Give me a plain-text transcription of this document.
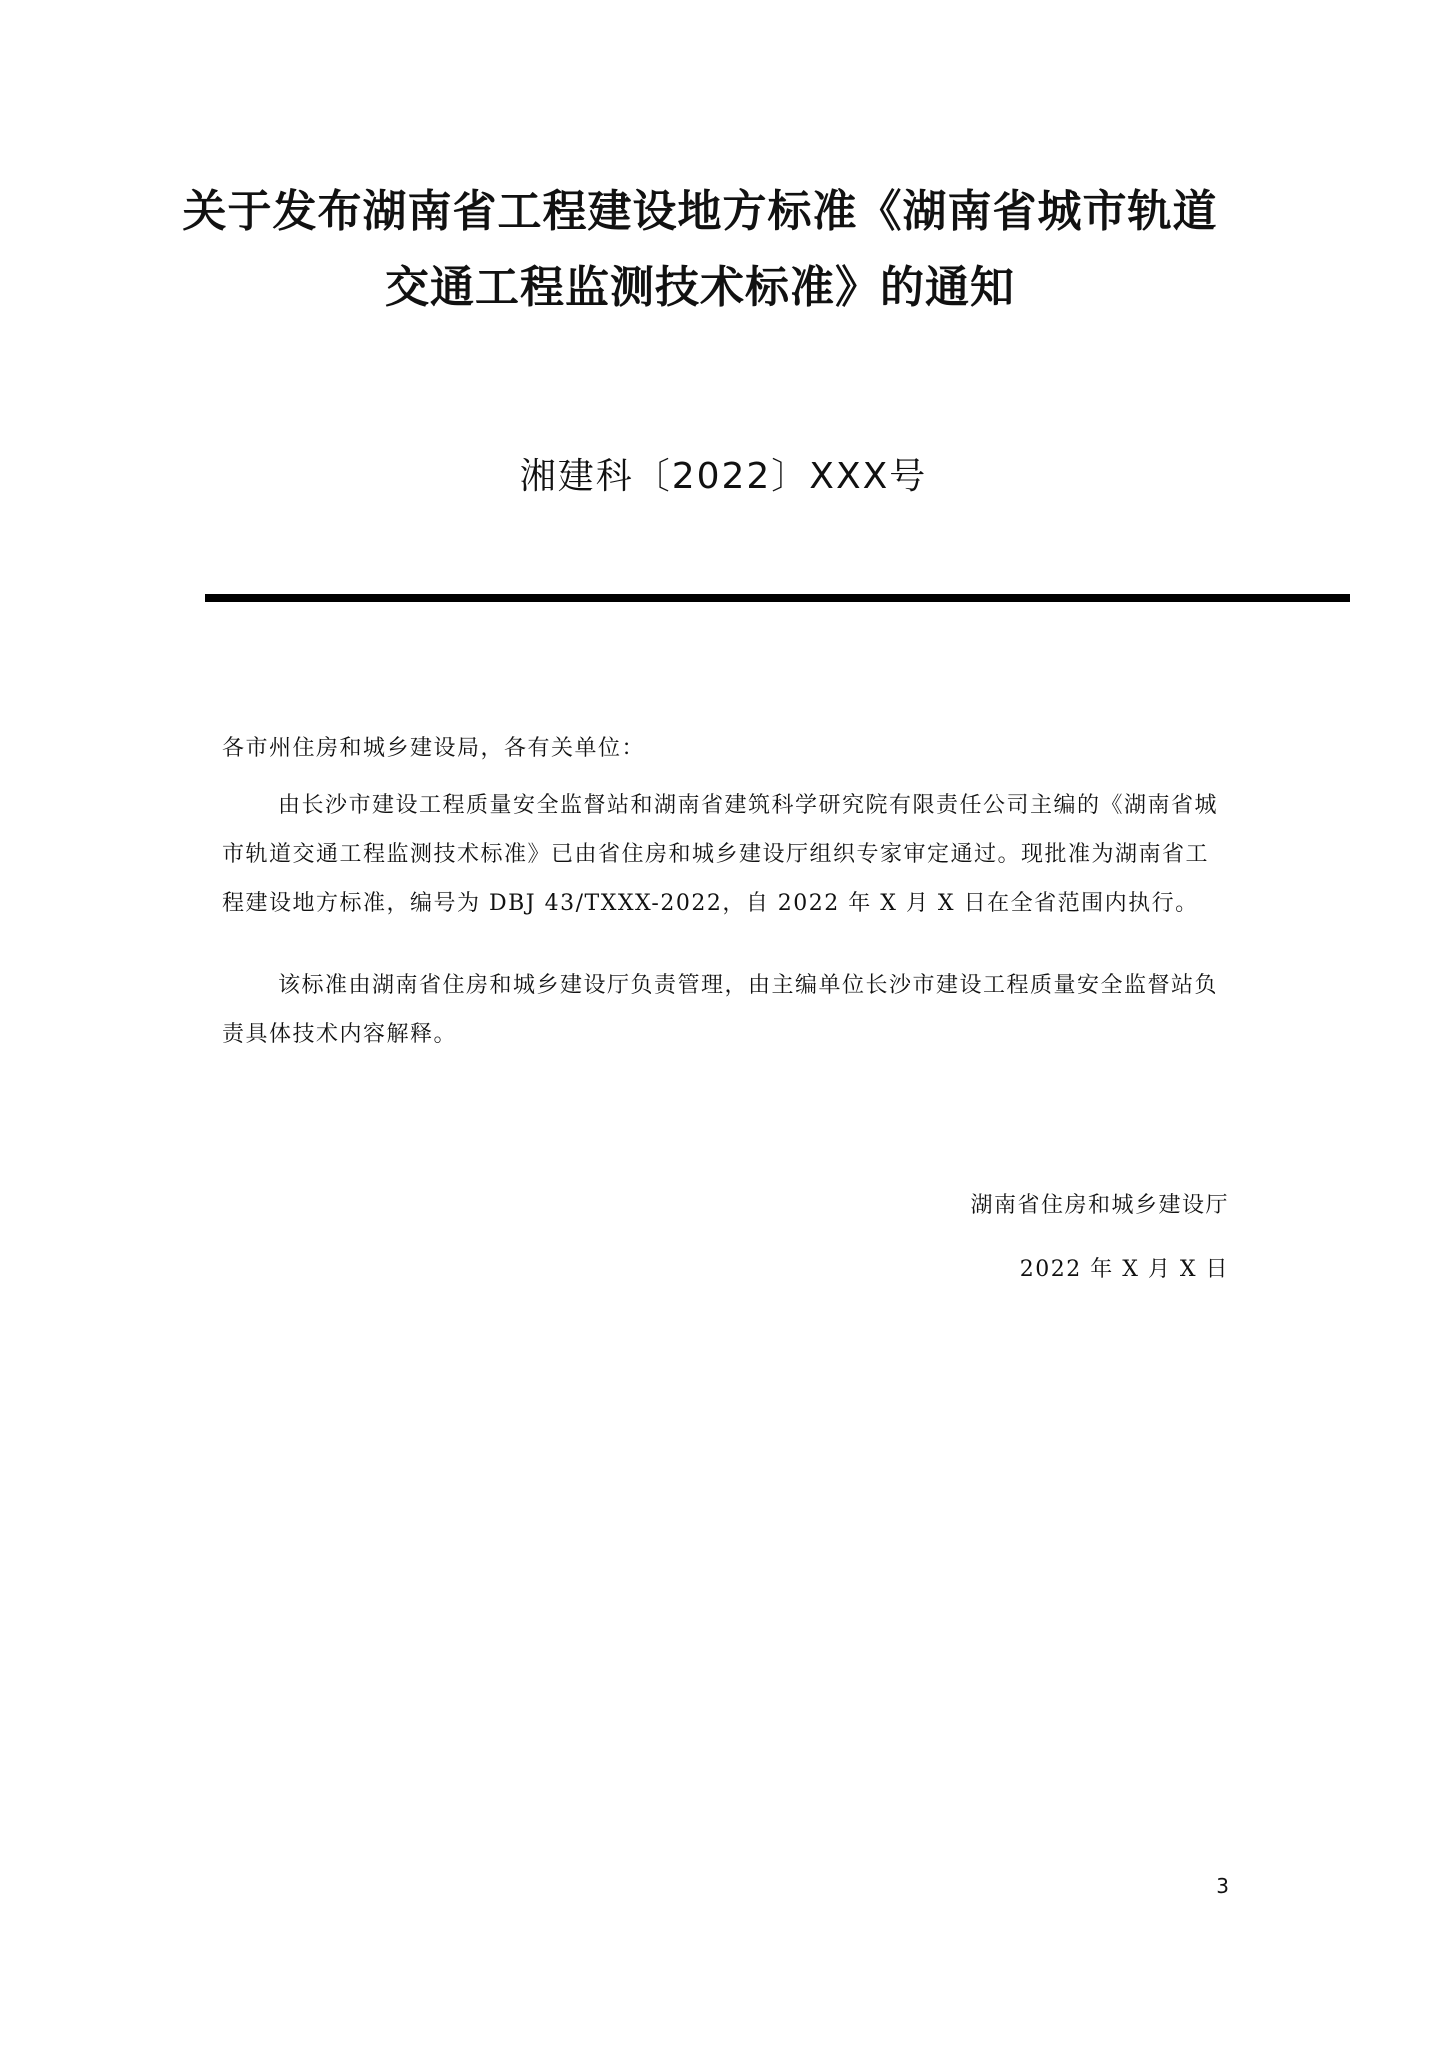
关于发布湖南省工程建设地方标准《湖南省城市轨道
交通工程监测技术标准》的通知
湘建科〔2022〕XXX号
各市州住房和城乡建设局，各有关单位：
由长沙市建设工程质量安全监督站和湖南省建筑科学研究院有限责任公司主编的《湖南省城市轨道交通工程监测技术标准》已由省住房和城乡建设厅组织专家审定通过。现批准为湖南省工程建设地方标准，编号为 DBJ 43/TXXX-2022，自 2022 年 X 月 X 日在全省范围内执行。
该标准由湖南省住房和城乡建设厅负责管理，由主编单位长沙市建设工程质量安全监督站负责具体技术内容解释。
湖南省住房和城乡建设厅
2022 年 X 月 X 日
3
